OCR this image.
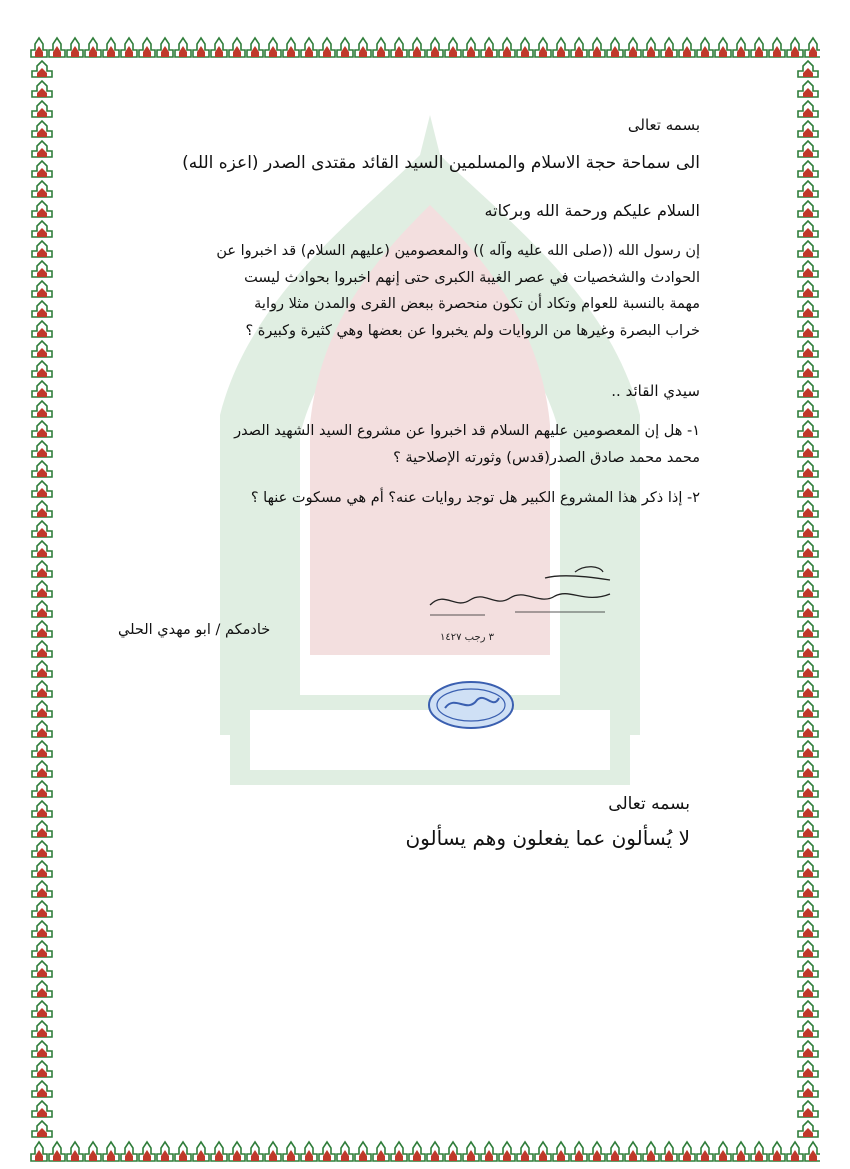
بسمه تعالى
الى سماحة حجة الاسلام والمسلمين السيد القائد مقتدى الصدر (اعزه الله)
السلام عليكم ورحمة الله وبركاته
إن رسول الله ((صلى الله عليه وآله )) والمعصومين (عليهم السلام) قد اخبروا عن
الحوادث والشخصيات في عصر الغيبة الكبرى حتى إنهم اخبروا بحوادث ليست
مهمة بالنسبة للعوام وتكاد أن تكون منحصرة ببعض القرى والمدن مثلا رواية
خراب البصرة وغيرها من الروايات ولم يخبروا عن بعضها وهي كثيرة وكبيرة ؟
سيدي القائد ..
١- هل إن المعصومين عليهم السلام قد اخبروا عن مشروع السيد الشهيد الصدر
محمد محمد صادق الصدر(قدس) وثورته الإصلاحية ؟
٢- إذا ذكر هذا المشروع الكبير هل توجد روايات عنه؟ أم هي مسكوت عنها ؟
خادمكم / ابو مهدي الحلي	٣ رجب ١٤٢٧
بسمه تعالى
لا يُسألون عما يفعلون وهم يسألون
